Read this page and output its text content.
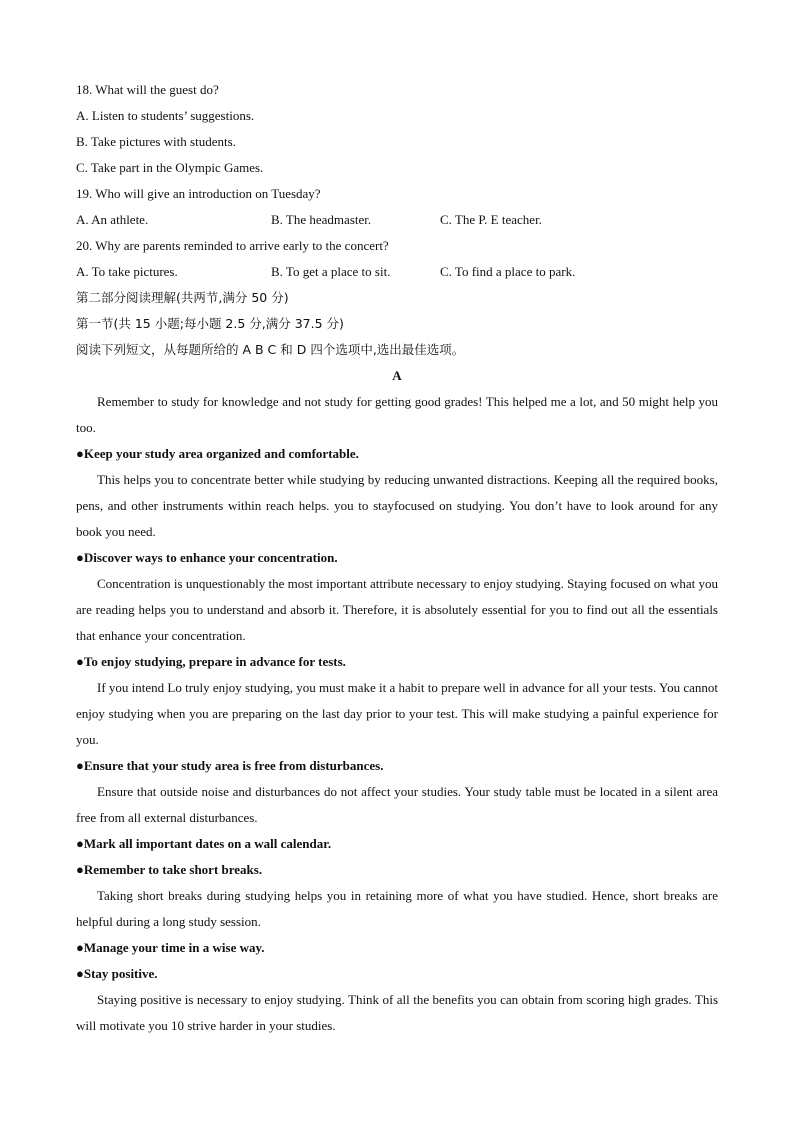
18. What will the guest do?
A. Listen to students’ suggestions.
B. Take pictures with students.
C. Take part in the Olympic Games.
19. Who will give an introduction on Tuesday?
A. An athlete.	B. The headmaster.	C. The P. E teacher.
20. Why are parents reminded to arrive early to the concert?
A. To take pictures.	B. To get a place to sit.	C. To find a place to park.
第二部分阅读理解(共两节,满分 50 分)
第一节(共 15 小题;每小题 2.5 分,满分 37.5 分)
阅读下列短文，从每题所给的 A B C 和 D 四个选项中,选出最佳选项。
A

Remember to study for knowledge and not study for getting good grades! This helped me a lot, and 50 might help you too.

●Keep your study area organized and comfortable.

This helps you to concentrate better while studying by reducing unwanted distractions. Keeping all the required books, pens, and other instruments within reach helps. you to stayfocused on studying. You don’t have to look around for any book you need.

●Discover ways to enhance your concentration.

Concentration is unquestionably the most important attribute necessary to enjoy studying. Staying focused on what you are reading helps you to understand and absorb it. Therefore, it is absolutely essential for you to find out all the essentials that enhance your concentration.

●To enjoy studying, prepare in advance for tests.

If you intend Lo truly enjoy studying, you must make it a habit to prepare well in advance for all your tests. You cannot enjoy studying when you are preparing on the last day prior to your test. This will make studying a painful experience for you.

●Ensure that your study area is free from disturbances.

Ensure that outside noise and disturbances do not affect your studies. Your study table must be located in a silent area free from all external disturbances.

●Mark all important dates on a wall calendar.
●Remember to take short breaks.

Taking short breaks during studying helps you in retaining more of what you have studied. Hence, short breaks are helpful during a long study session.

●Manage your time in a wise way.
●Stay positive.

Staying positive is necessary to enjoy studying. Think of all the benefits you can obtain from scoring high grades. This will motivate you 10 strive harder in your studies.
